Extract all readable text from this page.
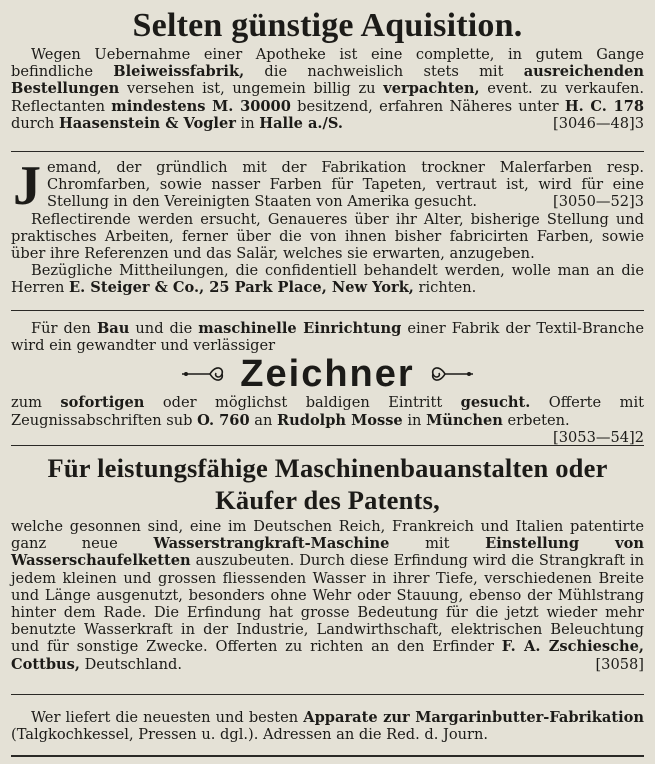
Selten günstige Aquisition.

Wegen Uebernahme einer Apotheke ist eine complette, in gutem Gange befindliche Bleiweissfabrik, die nachweislich stets mit ausreichenden Bestellungen versehen ist, ungemein billig zu verpachten, event. zu verkaufen. Reflectanten mindestens M. 30000 besitzend, erfahren Näheres unter H. C. 178 durch Haasenstein & Vogler in Halle a./S.	[3046—48]3

Jemand, der gründlich mit der Fabrikation trockner Malerfarben resp. Chromfarben, sowie nasser Farben für Tapeten, vertraut ist, wird für eine Stellung in den Vereinigten Staaten von Amerika gesucht.	[3050—52]3

Reflectirende werden ersucht, Genaueres über ihr Alter, bisherige Stellung und praktisches Arbeiten, ferner über die von ihnen bisher fabricirten Farben, sowie über ihre Referenzen und das Salär, welches sie erwarten, anzugeben.

Bezügliche Mittheilungen, die confidentiell behandelt werden, wolle man an die Herren E. Steiger & Co., 25 Park Place, New York, richten.

Für den Bau und die maschinelle Einrichtung einer Fabrik der Textil-Branche wird ein gewandter und verlässiger

Zeichner

zum sofortigen oder möglichst baldigen Eintritt gesucht. Offerte mit Zeugnissabschriften sub O. 760 an Rudolph Mosse in München erbeten.
[3053—54]2

Für leistungsfähige Maschinenbauanstalten oder
Käufer des Patents,

welche gesonnen sind, eine im Deutschen Reich, Frankreich und Italien patentirte ganz neue Wasserstrangkraft-Maschine mit Einstellung von Wasserschaufelketten auszubeuten. Durch diese Erfindung wird die Strangkraft in jedem kleinen und grossen fliessenden Wasser in ihrer Tiefe, verschiedenen Breite und Länge ausgenutzt, besonders ohne Wehr oder Stauung, ebenso der Mühlstrang hinter dem Rade. Die Erfindung hat grosse Bedeutung für die jetzt wieder mehr benutzte Wasserkraft in der Industrie, Landwirthschaft, elektrischen Beleuchtung und für sonstige Zwecke. Offerten zu richten an den Erfinder F. A. Zschiesche, Cottbus, Deutschland.	[3058]

Wer liefert die neuesten und besten Apparate zur Margarinbutter-Fabrikation (Talgkochkessel, Pressen u. dgl.). Adressen an die Red. d. Journ.
